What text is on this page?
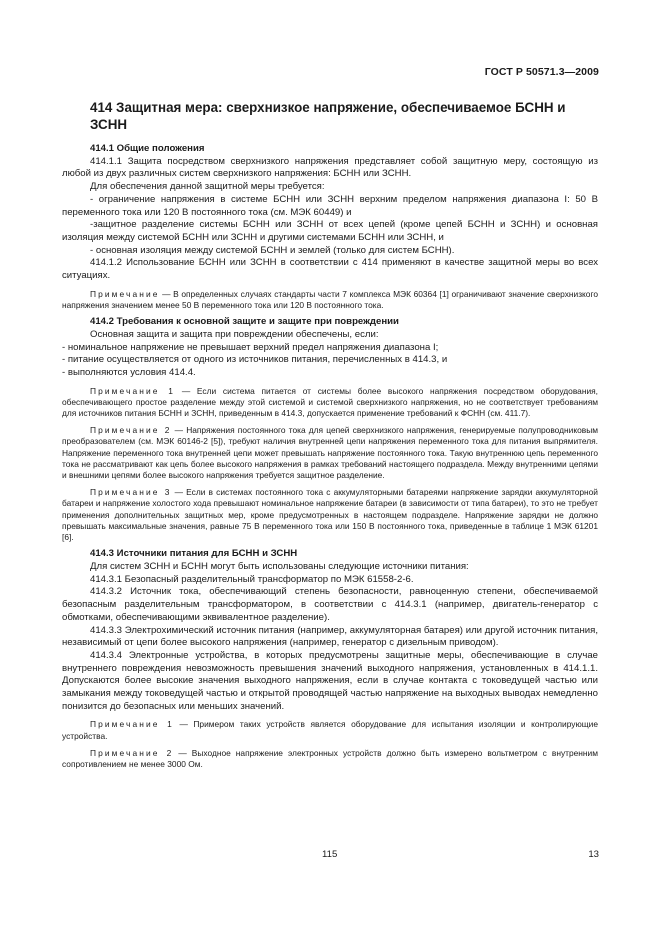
ГОСТ Р 50571.3—2009
414 Защитная мера: сверхнизкое напряжение, обеспечиваемое БСНН и ЗСНН

414.1 Общие положения

414.1.1 Защита посредством сверхнизкого напряжения представляет собой защитную меру, состоящую из любой из двух различных систем сверхнизкого напряжения: БСНН или ЗСНН.

Для обеспечения данной защитной меры требуется:

- ограничение напряжения в системе БСНН или ЗСНН верхним пределом напряжения диапазона I: 50 В переменного тока или 120 В постоянного тока (см. МЭК 60449) и

-защитное разделение системы БСНН или ЗСНН от всех цепей (кроме цепей БСНН и ЗСНН) и основная изоляция между системой БСНН или ЗСНН и другими системами БСНН или ЗСНН, и

- основная изоляция между системой БСНН и землей (только для систем БСНН).

414.1.2 Использование БСНН или ЗСНН в соответствии с 414 применяют в качестве защитной меры во всех ситуациях.

Примечание — В определенных случаях стандарты части 7 комплекса МЭК 60364 [1] ограничивают значение сверхнизкого напряжения значением менее 50 В переменного тока или 120 В постоянного тока.

414.2 Требования к основной защите и защите при повреждении

Основная защита и защита при повреждении обеспечены, если:

- номинальное напряжение не превышает верхний предел напряжения диапазона I;

- питание осуществляется от одного из источников питания, перечисленных в 414.3, и

- выполняются условия 414.4.

Примечание 1 — Если система питается от системы более высокого напряжения посредством оборудования, обеспечивающего простое разделение между этой системой и системой сверхнизкого напряжения, но не соответствует требованиям для источников питания БСНН и ЗСНН, приведенным в 414.3, допускается применение требований к ФСНН (см. 411.7).

Примечание 2 — Напряжения постоянного тока для цепей сверхнизкого напряжения, генерируемые полупроводниковым преобразователем (см. МЭК 60146-2 [5]), требуют наличия внутренней цепи напряжения переменного тока для питания выпрямителя. Напряжение переменного тока внутренней цепи может превышать напряжение постоянного тока. Такую внутреннюю цепь переменного тока не рассматривают как цепь более высокого напряжения в рамках требований настоящего подраздела. Между внутренними цепями и внешними цепями более высокого напряжения требуется защитное разделение.

Примечание 3 — Если в системах постоянного тока с аккумуляторными батареями напряжение зарядки аккумуляторной батареи и напряжение холостого хода превышают номинальное напряжение батареи (в зависимости от типа батареи), то это не требует применения дополнительных защитных мер, кроме предусмотренных в настоящем подразделе. Напряжение зарядки не должно превышать максимальные значения, равные 75 В переменного тока или 150 В постоянного тока, приведенные в таблице 1 МЭК 61201 [6].

414.3 Источники питания для БСНН и ЗСНН

Для систем ЗСНН и БСНН могут быть использованы следующие источники питания:

414.3.1 Безопасный разделительный трансформатор по МЭК 61558-2-6.

414.3.2 Источник тока, обеспечивающий степень безопасности, равноценную степени, обеспечиваемой безопасным разделительным трансформатором, в соответствии с 414.3.1 (например, двигатель-генератор с обмотками, обеспечивающими эквивалентное разделение).

414.3.3 Электрохимический источник питания (например, аккумуляторная батарея) или другой источник питания, независимый от цепи более высокого напряжения (например, генератор с дизельным приводом).

414.3.4 Электронные устройства, в которых предусмотрены защитные меры, обеспечивающие в случае внутреннего повреждения невозможность превышения значений выходного напряжения, установленных в 414.1.1. Допускаются более высокие значения выходного напряжения, если в случае контакта с токоведущей частью или замыкания между токоведущей частью и открытой проводящей частью напряжение на выходных выводах немедленно понизится до безопасных или меньших значений.

Примечание 1 — Примером таких устройств является оборудование для испытания изоляции и контролирующие устройства.

Примечание 2 — Выходное напряжение электронных устройств должно быть измерено вольтметром с внутренним сопротивлением не менее 3000 Ом.

115	13
